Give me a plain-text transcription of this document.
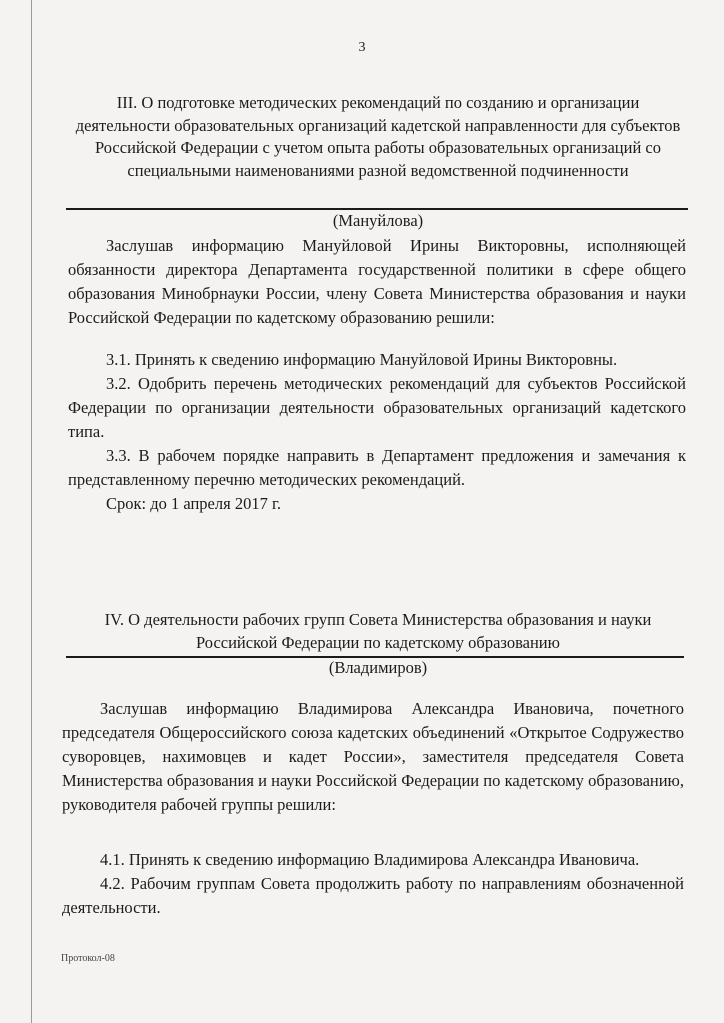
3
III. О подготовке методических рекомендаций по созданию и организации деятельности образовательных организаций кадетской направленности для субъектов Российской Федерации с учетом опыта работы образовательных организаций со специальными наименованиями разной ведомственной подчиненности
(Мануйлова)

Заслушав информацию Мануйловой Ирины Викторовны, исполняющей обязанности директора Департамента государственной политики в сфере общего образования Минобрнауки России, члену Совета Министерства образования и науки Российской Федерации по кадетскому образованию решили:

3.1. Принять к сведению информацию Мануйловой Ирины Викторовны.

3.2. Одобрить перечень методических рекомендаций для субъектов Российской Федерации по организации деятельности образовательных организаций кадетского типа.

3.3. В рабочем порядке направить в Департамент предложения и замечания к представленному перечню методических рекомендаций.

Срок: до 1 апреля 2017 г.

IV. О деятельности рабочих групп Совета Министерства образования и науки Российской Федерации по кадетскому образованию
(Владимиров)

Заслушав информацию Владимирова Александра Ивановича, почетного председателя Общероссийского союза кадетских объединений «Открытое Содружество суворовцев, нахимовцев и кадет России», заместителя председателя Совета Министерства образования и науки Российской Федерации по кадетскому образованию, руководителя рабочей группы решили:

4.1. Принять к сведению информацию Владимирова Александра Ивановича.

4.2. Рабочим группам Совета продолжить работу по направлениям обозначенной деятельности.

Протокол-08
